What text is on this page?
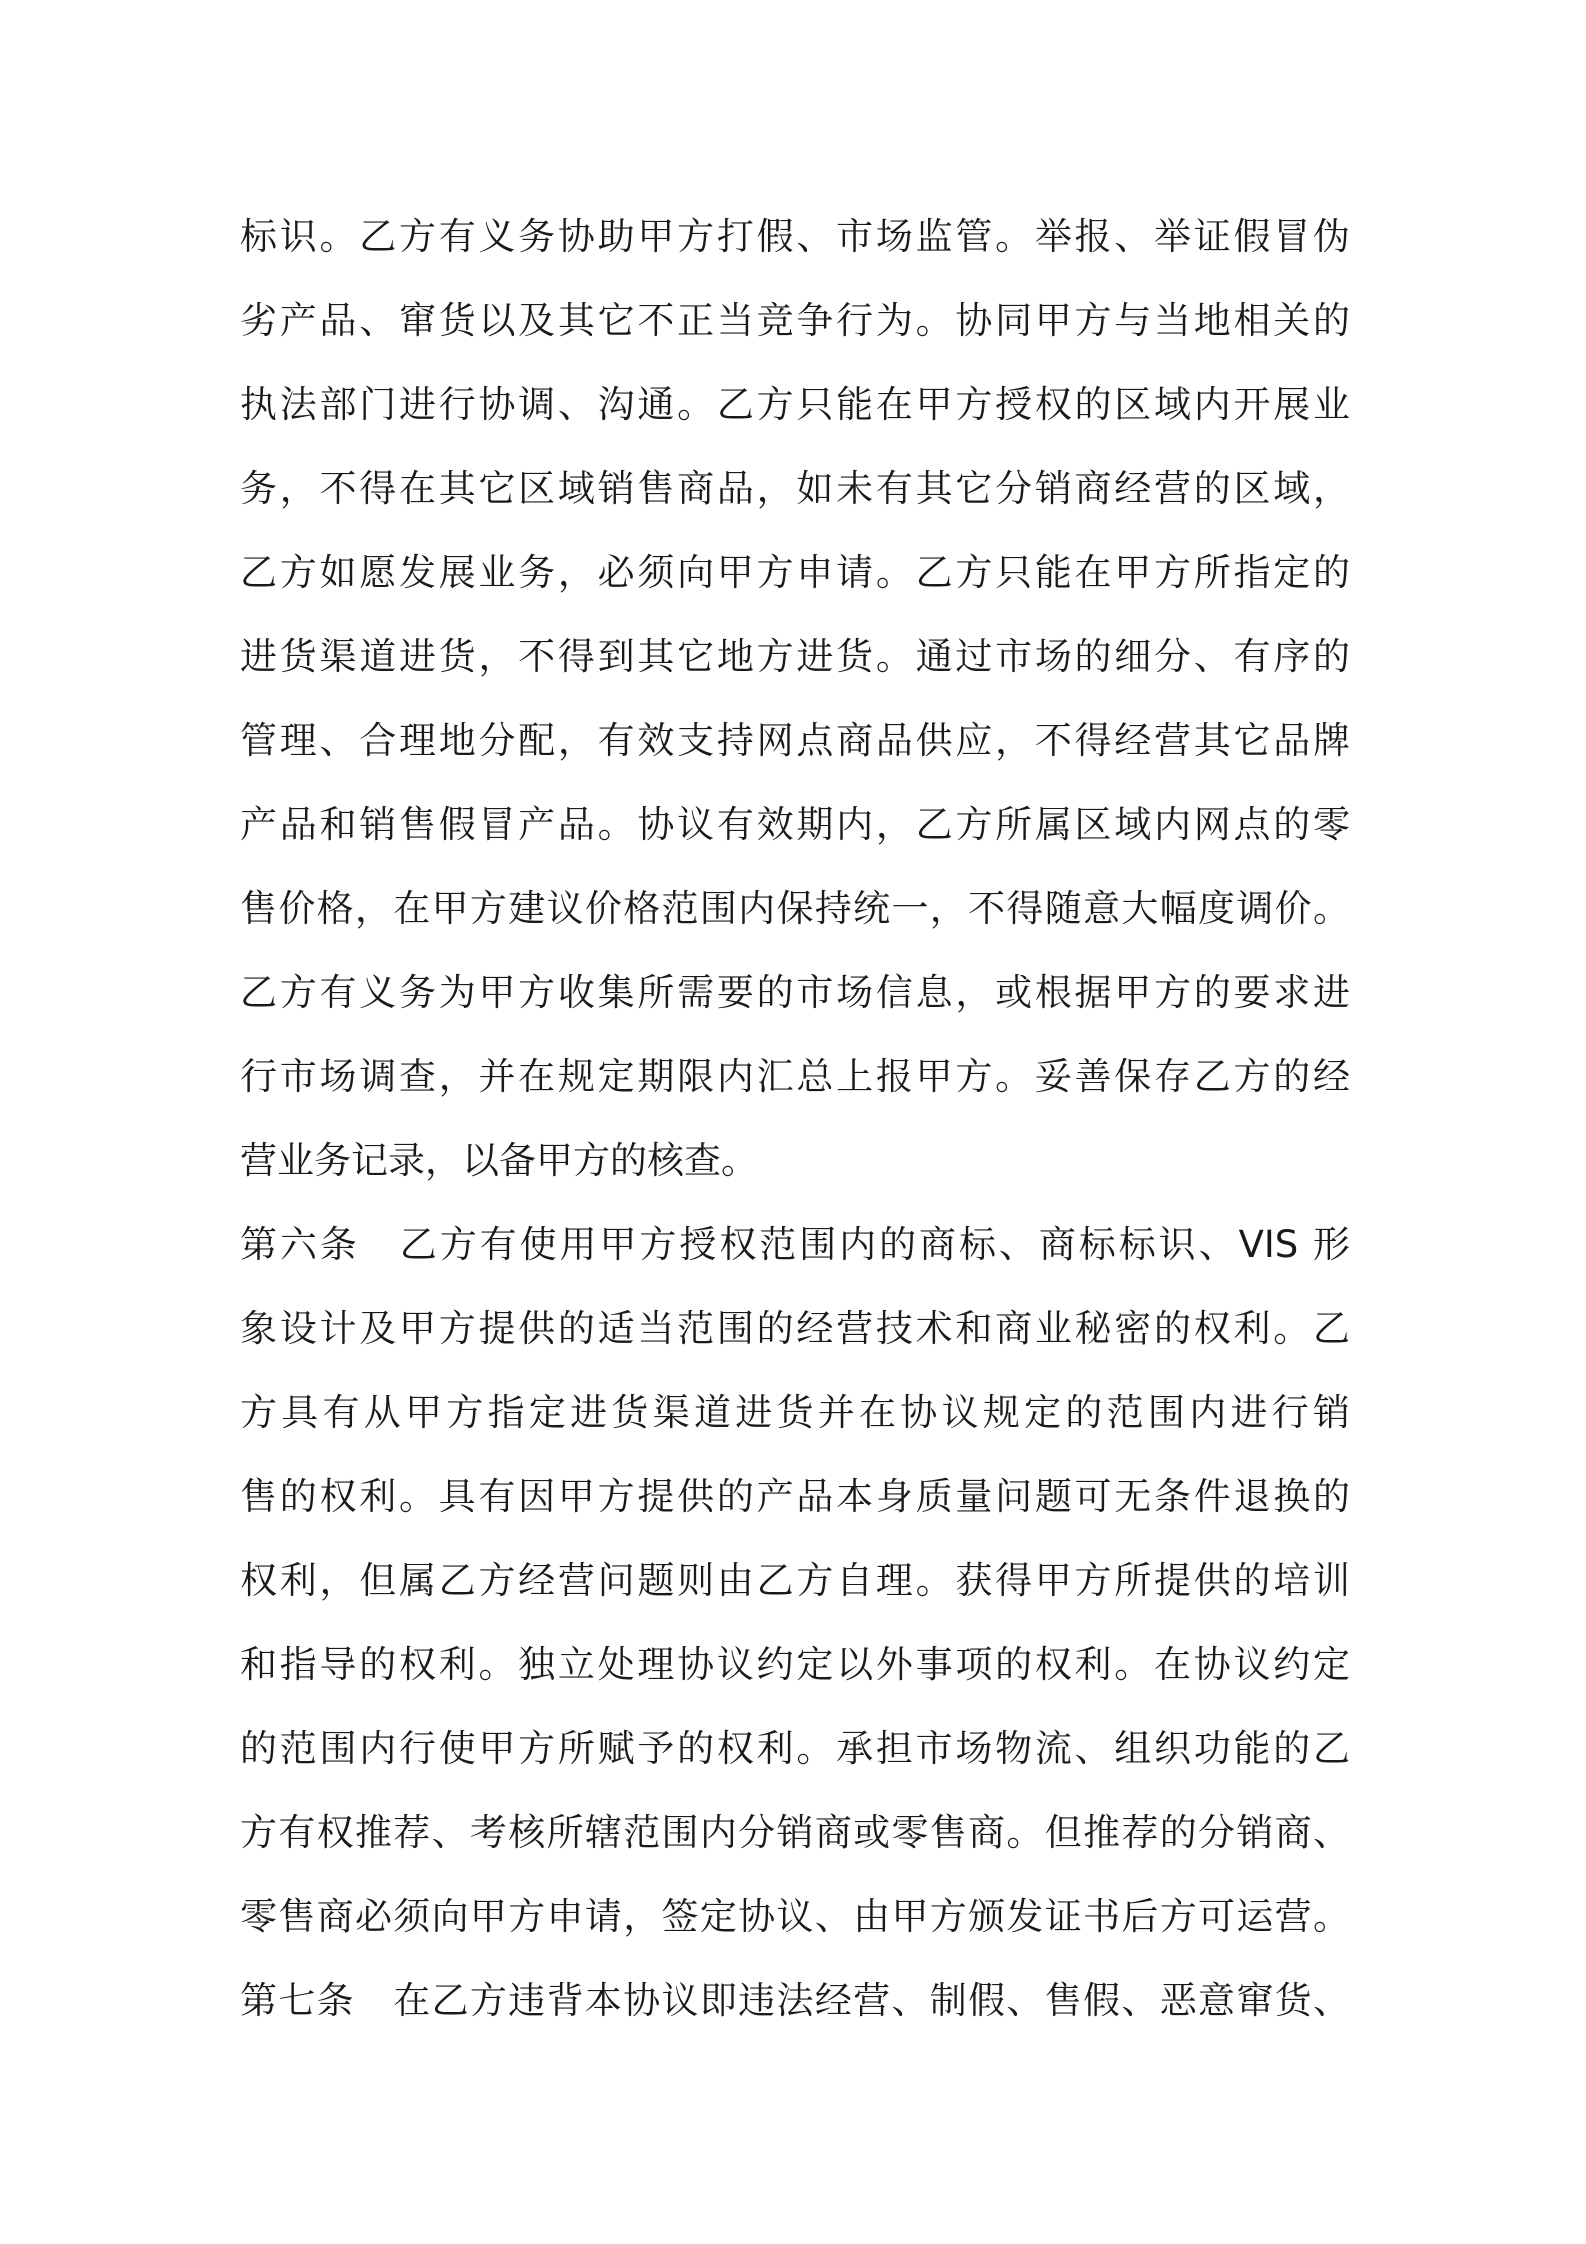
标识。乙方有义务协助甲方打假、市场监管。举报、举证假冒伪
劣产品、窜货以及其它不正当竞争行为。协同甲方与当地相关的
执法部门进行协调、沟通。乙方只能在甲方授权的区域内开展业
务，不得在其它区域销售商品，如未有其它分销商经营的区域，
乙方如愿发展业务，必须向甲方申请。乙方只能在甲方所指定的
进货渠道进货，不得到其它地方进货。通过市场的细分、有序的
管理、合理地分配，有效支持网点商品供应，不得经营其它品牌
产品和销售假冒产品。协议有效期内，乙方所属区域内网点的零
售价格，在甲方建议价格范围内保持统一，不得随意大幅度调价。
乙方有义务为甲方收集所需要的市场信息，或根据甲方的要求进
行市场调查，并在规定期限内汇总上报甲方。妥善保存乙方的经
营业务记录，以备甲方的核查。
第六条　乙方有使用甲方授权范围内的商标、商标标识、VIS 形
象设计及甲方提供的适当范围的经营技术和商业秘密的权利。乙
方具有从甲方指定进货渠道进货并在协议规定的范围内进行销
售的权利。具有因甲方提供的产品本身质量问题可无条件退换的
权利，但属乙方经营问题则由乙方自理。获得甲方所提供的培训
和指导的权利。独立处理协议约定以外事项的权利。在协议约定
的范围内行使甲方所赋予的权利。承担市场物流、组织功能的乙
方有权推荐、考核所辖范围内分销商或零售商。但推荐的分销商、
零售商必须向甲方申请，签定协议、由甲方颁发证书后方可运营。
第七条　在乙方违背本协议即违法经营、制假、售假、恶意窜货、
